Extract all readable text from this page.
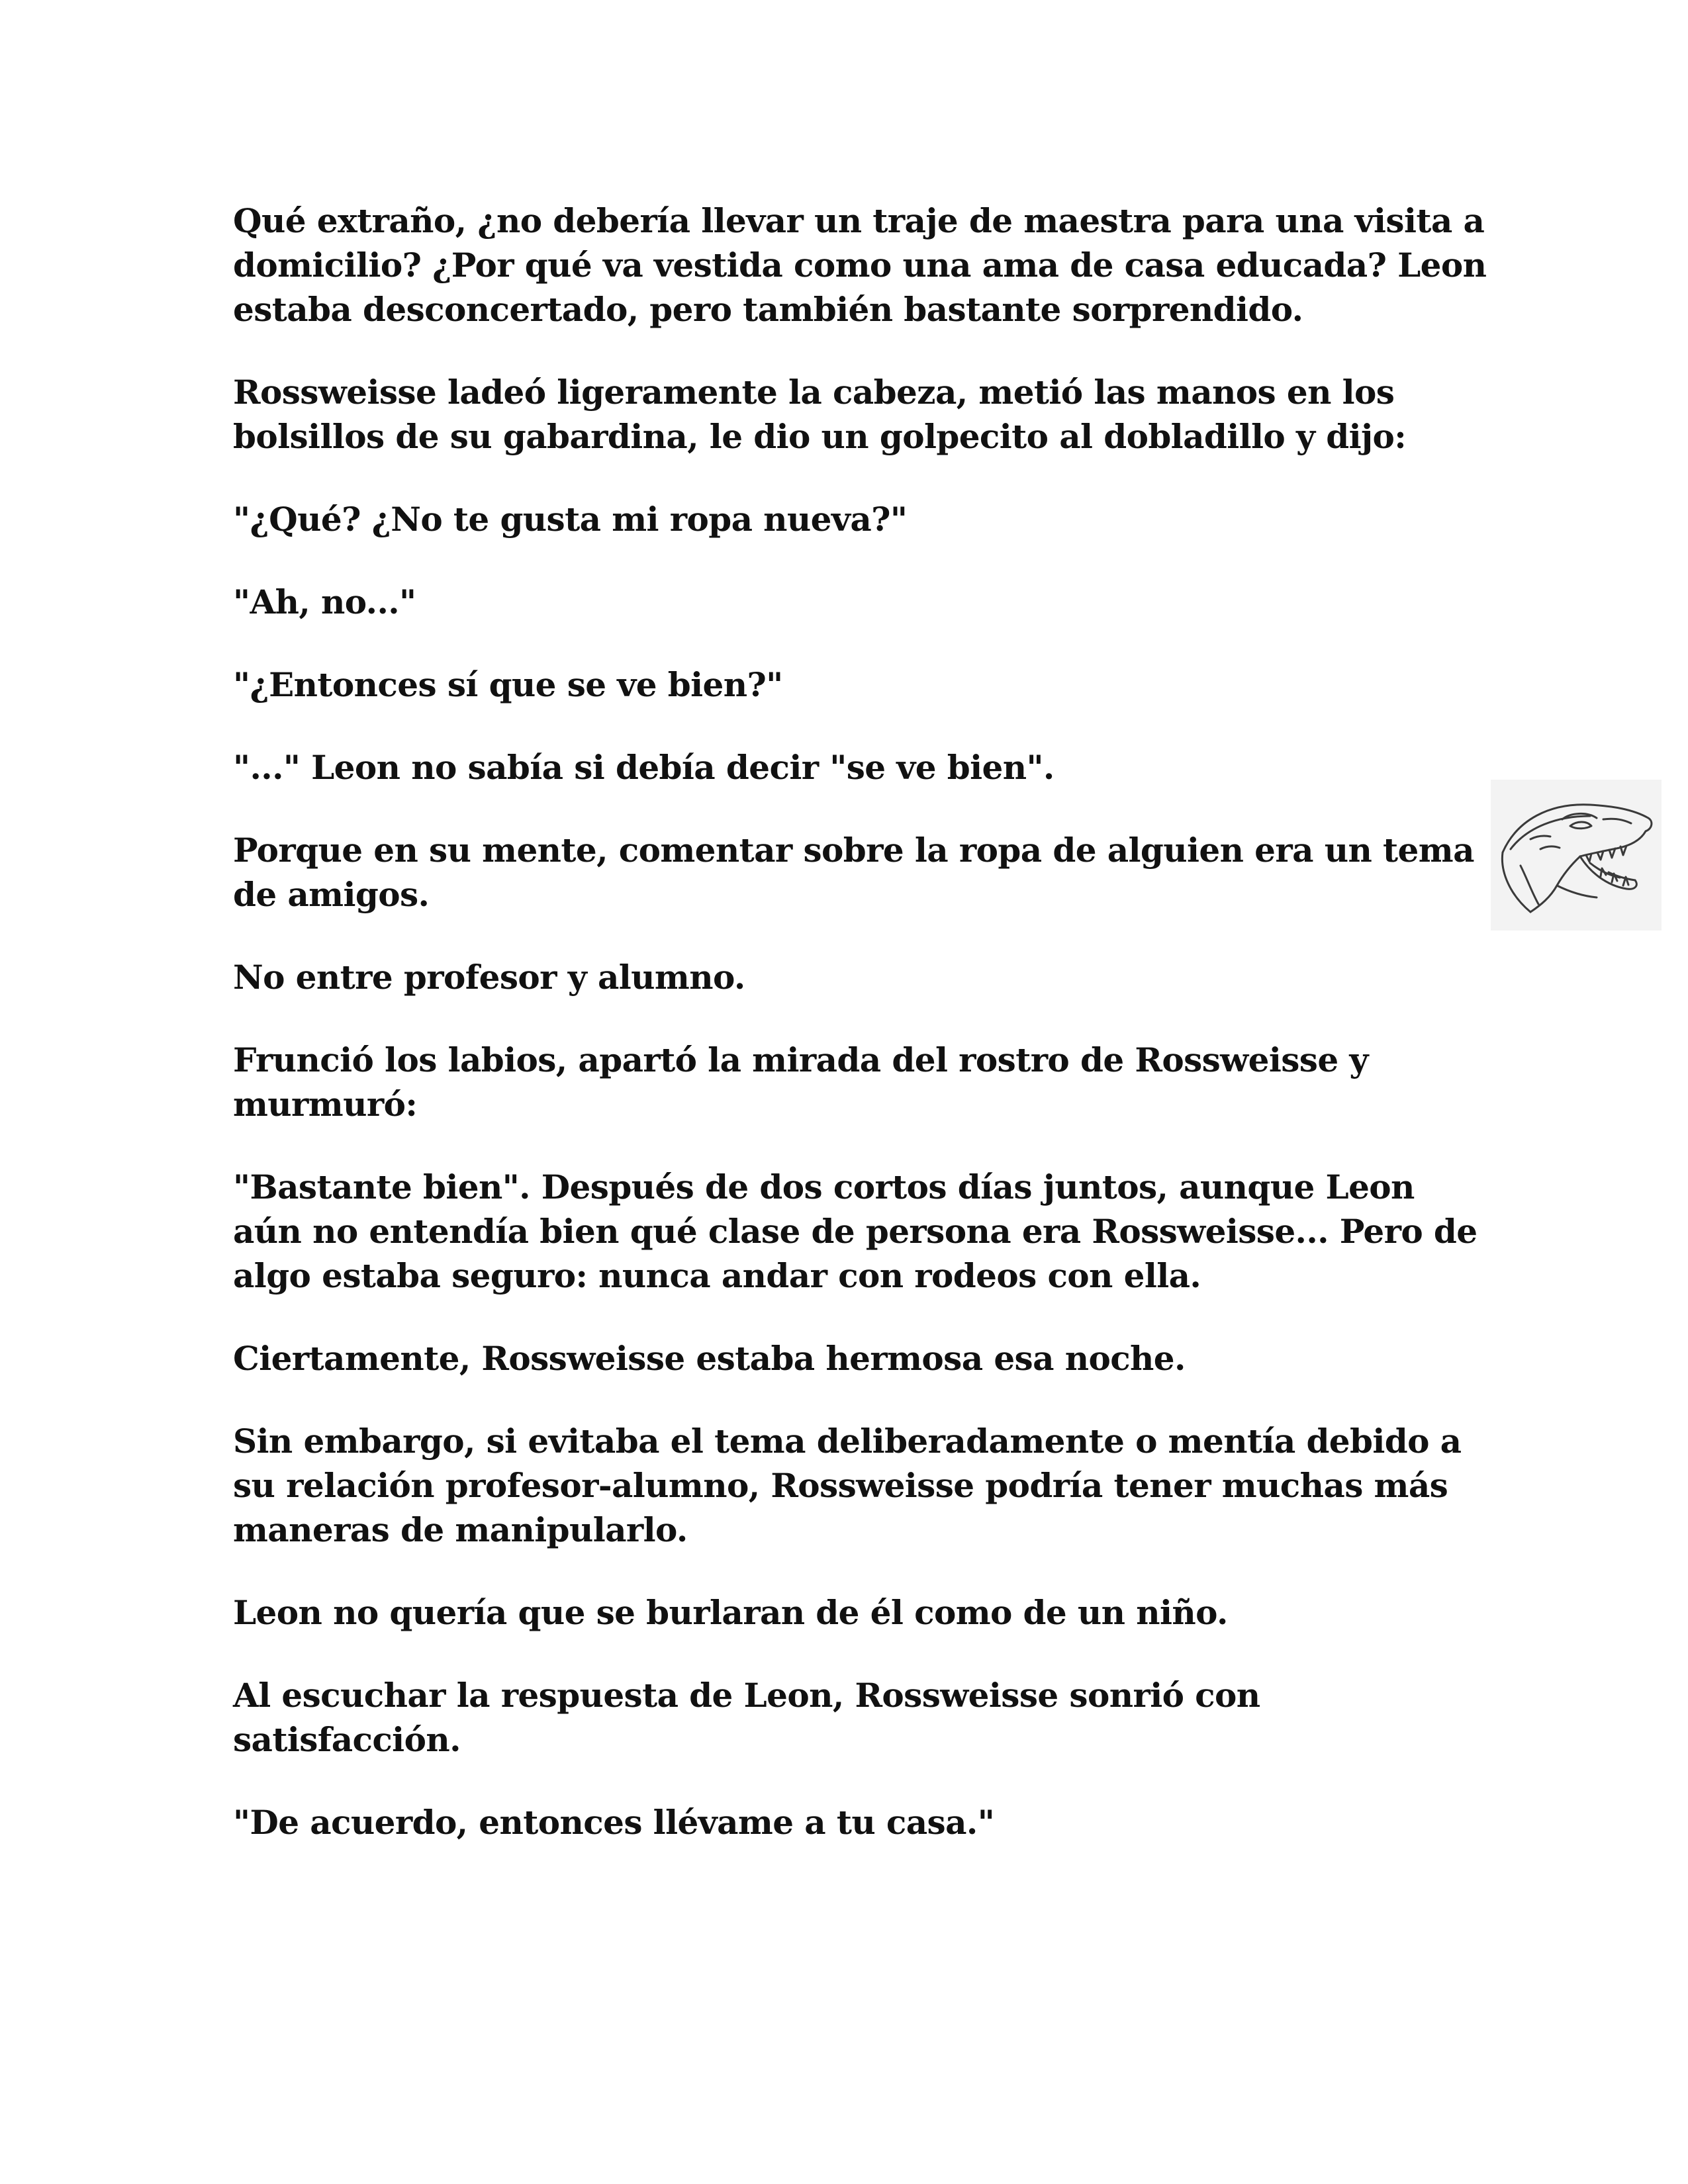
Qué extraño, ¿no debería llevar un traje de maestra para una visita a domicilio? ¿Por qué va vestida como una ama de casa educada? Leon estaba desconcertado, pero también bastante sorprendido.

Rossweisse ladeó ligeramente la cabeza, metió las manos en los bolsillos de su gabardina, le dio un golpecito al dobladillo y dijo:

"¿Qué? ¿No te gusta mi ropa nueva?"

"Ah, no..."

"¿Entonces sí que se ve bien?"

"..." Leon no sabía si debía decir "se ve bien".

Porque en su mente, comentar sobre la ropa de alguien era un tema de amigos.

No entre profesor y alumno.

Frunció los labios, apartó la mirada del rostro de Rossweisse y murmuró:

"Bastante bien". Después de dos cortos días juntos, aunque Leon aún no entendía bien qué clase de persona era Rossweisse... Pero de algo estaba seguro: nunca andar con rodeos con ella.

Ciertamente, Rossweisse estaba hermosa esa noche.

Sin embargo, si evitaba el tema deliberadamente o mentía debido a su relación profesor-alumno, Rossweisse podría tener muchas más maneras de manipularlo.

Leon no quería que se burlaran de él como de un niño.

Al escuchar la respuesta de Leon, Rossweisse sonrió con satisfacción.

"De acuerdo, entonces llévame a tu casa."
